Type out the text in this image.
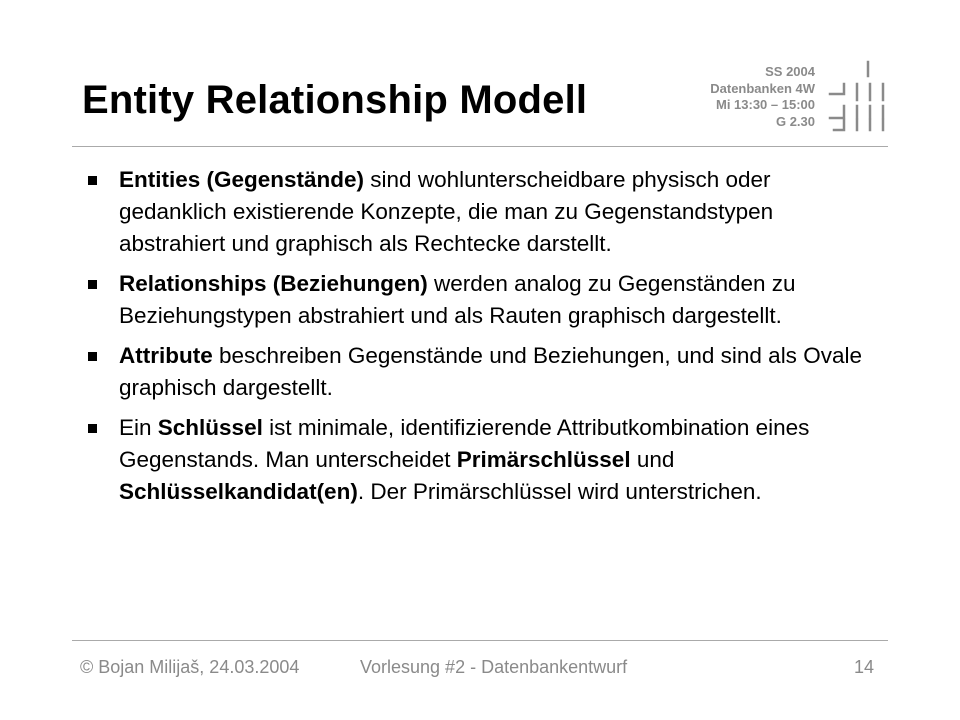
Entity Relationship Modell
SS 2004
Datenbanken 4W
Mi 13:30 – 15:00
G 2.30
Entities (Gegenstände) sind wohlunterscheidbare physisch oder gedanklich existierende Konzepte, die man zu Gegenstandstypen abstrahiert und graphisch als Rechtecke darstellt.
Relationships (Beziehungen) werden analog zu Gegenständen zu Beziehungstypen abstrahiert und als Rauten graphisch dargestellt.
Attribute beschreiben Gegenstände und Beziehungen, und sind als Ovale graphisch dargestellt.
Ein Schlüssel ist minimale, identifizierende Attributkombination eines Gegenstands. Man unterscheidet Primärschlüssel und Schlüsselkandidat(en). Der Primärschlüssel wird unterstrichen.
© Bojan Milijaš, 24.03.2004	Vorlesung #2 - Datenbankentwurf	14
